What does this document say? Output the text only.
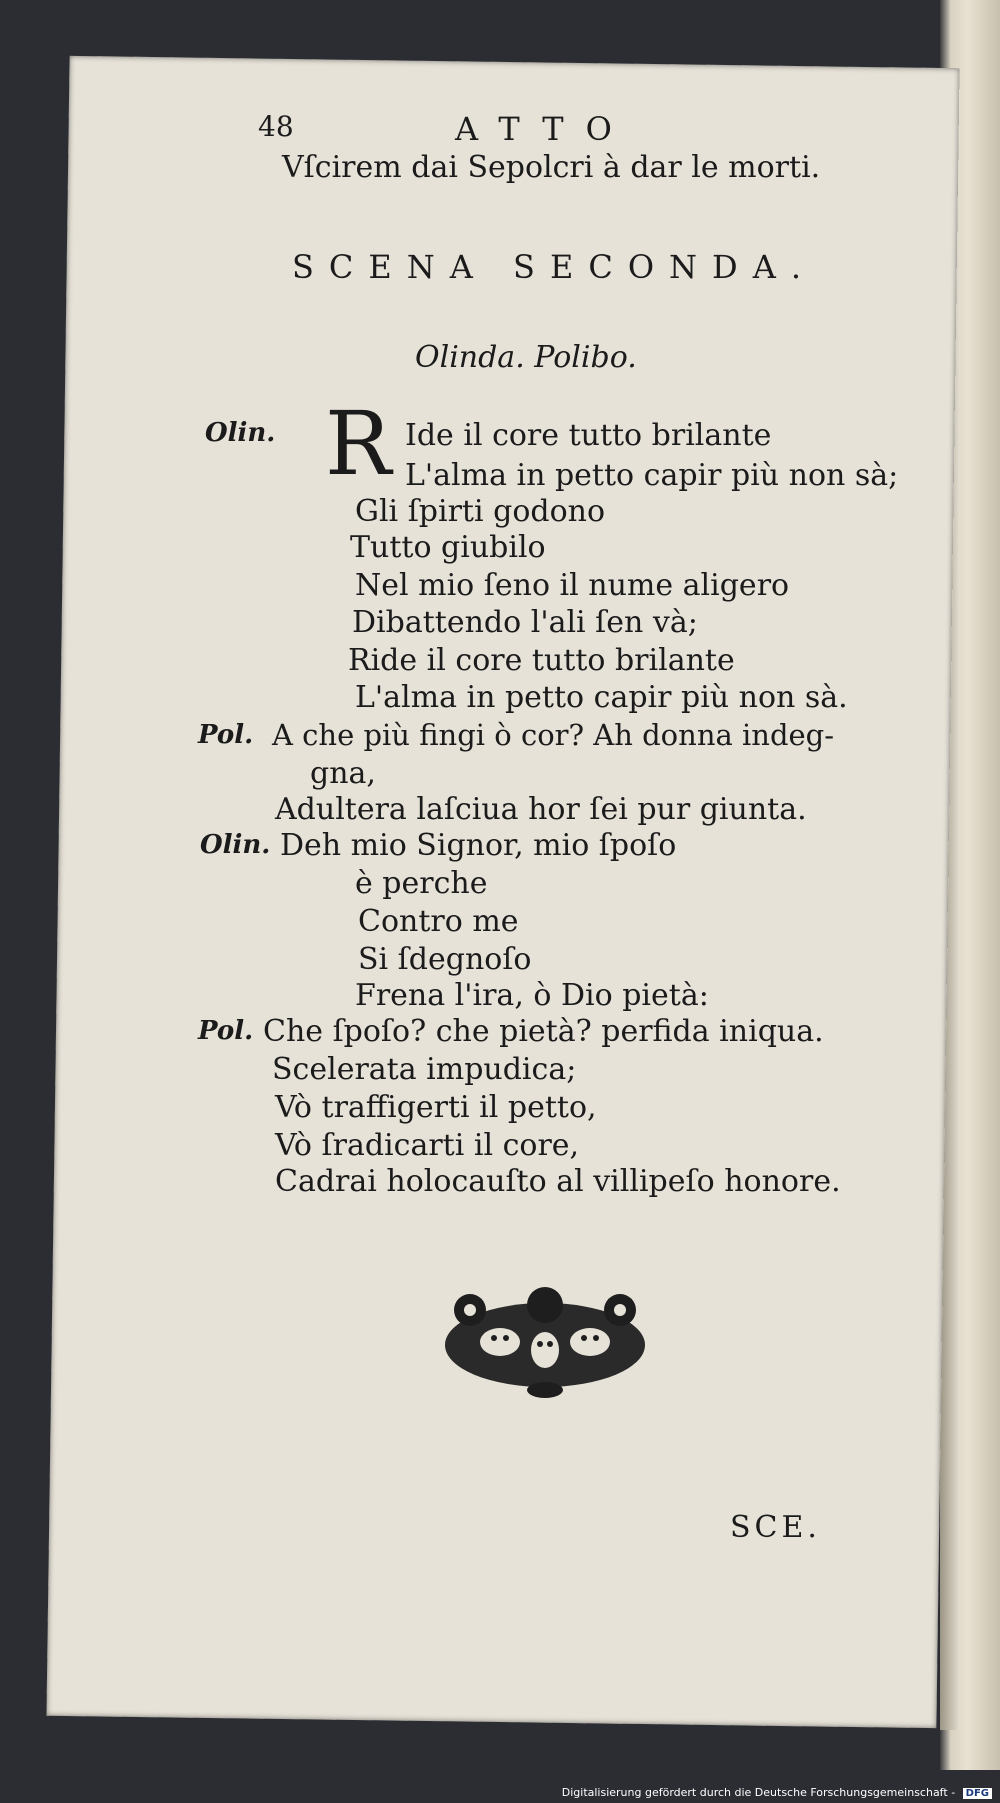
48	ATTO
Vſcirem dai Sepolcri à dar le morti.
SCENA SECONDA.
Olinda. Polibo.
R
Olin.	Ide il core tutto brilante
L'alma in petto capir più non sà;
Gli ſpirti godono
Tutto giubilo
Nel mio ſeno il nume aligero
Dibattendo l'ali ſen và;
Ride il core tutto brilante
L'alma in petto capir più non sà.
Pol. A che più fingi ò cor? Ah donna indeg-
gna,
Adultera laſciua hor ſei pur giunta.
Olin. Deh mio Signor, mio ſpoſo
è perche
Contro me
Si ſdegnoſo
Frena l'ira, ò Dio pietà:
Pol. Che ſpoſo? che pietà? perfida iniqua.
Scelerata impudica;
Vò traffigerti il petto,
Vò ſradicarti il core,
Cadrai holocauſto al villipeſo honore.
SCE.
Digitalisierung gefördert durch die Deutsche Forschungsgemeinschaft - DFG
